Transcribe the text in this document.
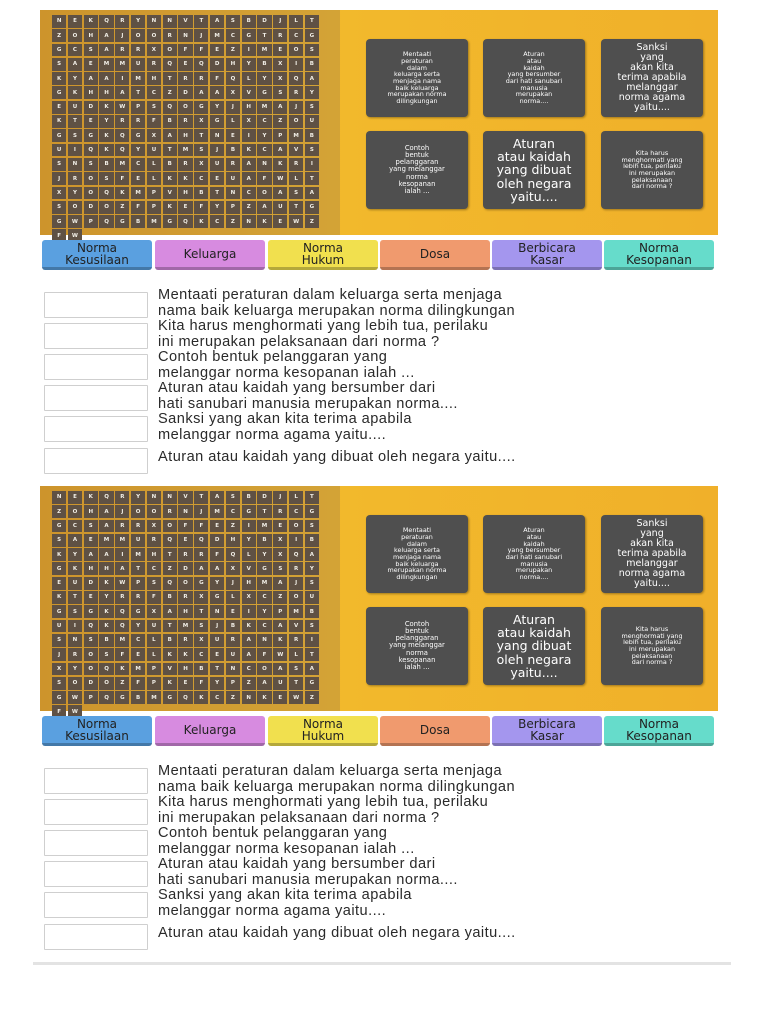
N	E	K	Q	R	Y	N	N	V	T	A	S	B	D	J	L	T
Z	O	H	A	J	O	O	R	N	J	M	C	G	T	R	C	G
G	C	S	A	R	R	X	O	F	F	E	Z	I	M	E	O	S
S	A	E	M	M	U	R	Q	E	Q	D	H	Y	B	X	I	B
K	Y	A	A	I	M	H	T	R	R	F	Q	L	Y	X	Q	A
G	K	H	H	A	T	C	Z	D	A	A	X	V	G	S	R	Y
E	U	D	K	W	P	S	Q	O	G	Y	J	H	M	A	J	S
K	T	E	Y	R	R	F	B	R	X	G	L	X	C	Z	O	U
G	S	G	K	Q	G	X	A	H	T	N	E	I	Y	P	M	B
U	I	Q	K	Q	Y	U	T	M	S	J	B	K	C	A	V	S
S	N	S	B	M	C	L	B	R	X	U	R	A	N	K	R	I
J	R	O	S	F	E	L	K	K	C	E	U	A	F	W	L	T
X	Y	O	Q	K	M	P	V	H	B	T	N	C	O	A	S	A
S	O	D	O	Z	F	P	K	E	F	Y	P	Z	A	U	T	G
G	W	P	Q	G	B	M	G	Q	K	C	Z	N	K	E	W	Z
F	W
Mentaati
peraturan
dalam
keluarga serta
menjaga nama
baik keluarga
merupakan norma
dilingkungan
Aturan
atau
kaidah
yang bersumber
dari hati sanubari
manusia
merupakan
norma....
Sanksi
yang
akan kita
terima apabila
melanggar
norma agama
yaitu....
Contoh
bentuk
pelanggaran
yang melanggar
norma
kesopanan
ialah ...
Aturan
atau kaidah
yang dibuat
oleh negara
yaitu....
Kita harus
menghormati yang
lebih tua, perilaku
ini merupakan
pelaksanaan
dari norma ?
Norma
Kesusilaan	Keluarga	Norma
Hukum	Dosa	Berbicara
Kasar
Norma
Kesopanan
Mentaati peraturan dalam keluarga serta menjaga
nama baik keluarga merupakan norma dilingkungan
Kita harus menghormati yang lebih tua, perilaku
ini merupakan pelaksanaan dari norma ?
Contoh bentuk pelanggaran yang
melanggar norma kesopanan ialah ...
Aturan atau kaidah yang bersumber dari
hati sanubari manusia merupakan norma....
Sanksi yang akan kita terima apabila
melanggar norma agama yaitu....
Aturan atau kaidah yang dibuat oleh negara yaitu....
N	E	K	Q	R	Y	N	N	V	T	A	S	B	D	J	L	T
Z	O	H	A	J	O	O	R	N	J	M	C	G	T	R	C	G
G	C	S	A	R	R	X	O	F	F	E	Z	I	M	E	O	S
S	A	E	M	M	U	R	Q	E	Q	D	H	Y	B	X	I	B
K	Y	A	A	I	M	H	T	R	R	F	Q	L	Y	X	Q	A
G	K	H	H	A	T	C	Z	D	A	A	X	V	G	S	R	Y
E	U	D	K	W	P	S	Q	O	G	Y	J	H	M	A	J	S
K	T	E	Y	R	R	F	B	R	X	G	L	X	C	Z	O	U
G	S	G	K	Q	G	X	A	H	T	N	E	I	Y	P	M	B
U	I	Q	K	Q	Y	U	T	M	S	J	B	K	C	A	V	S
S	N	S	B	M	C	L	B	R	X	U	R	A	N	K	R	I
J	R	O	S	F	E	L	K	K	C	E	U	A	F	W	L	T
X	Y	O	Q	K	M	P	V	H	B	T	N	C	O	A	S	A
S	O	D	O	Z	F	P	K	E	F	Y	P	Z	A	U	T	G
G	W	P	Q	G	B	M	G	Q	K	C	Z	N	K	E	W	Z
F	W
Mentaati
peraturan
dalam
keluarga serta
menjaga nama
baik keluarga
merupakan norma
dilingkungan
Aturan
atau
kaidah
yang bersumber
dari hati sanubari
manusia
merupakan
norma....
Sanksi
yang
akan kita
terima apabila
melanggar
norma agama
yaitu....
Contoh
bentuk
pelanggaran
yang melanggar
norma
kesopanan
ialah ...
Aturan
atau kaidah
yang dibuat
oleh negara
yaitu....
Kita harus
menghormati yang
lebih tua, perilaku
ini merupakan
pelaksanaan
dari norma ?
Norma
Kesusilaan	Keluarga	Norma
Hukum	Dosa	Berbicara
Kasar
Norma
Kesopanan
Mentaati peraturan dalam keluarga serta menjaga
nama baik keluarga merupakan norma dilingkungan
Kita harus menghormati yang lebih tua, perilaku
ini merupakan pelaksanaan dari norma ?
Contoh bentuk pelanggaran yang
melanggar norma kesopanan ialah ...
Aturan atau kaidah yang bersumber dari
hati sanubari manusia merupakan norma....
Sanksi yang akan kita terima apabila
melanggar norma agama yaitu....
Aturan atau kaidah yang dibuat oleh negara yaitu....
